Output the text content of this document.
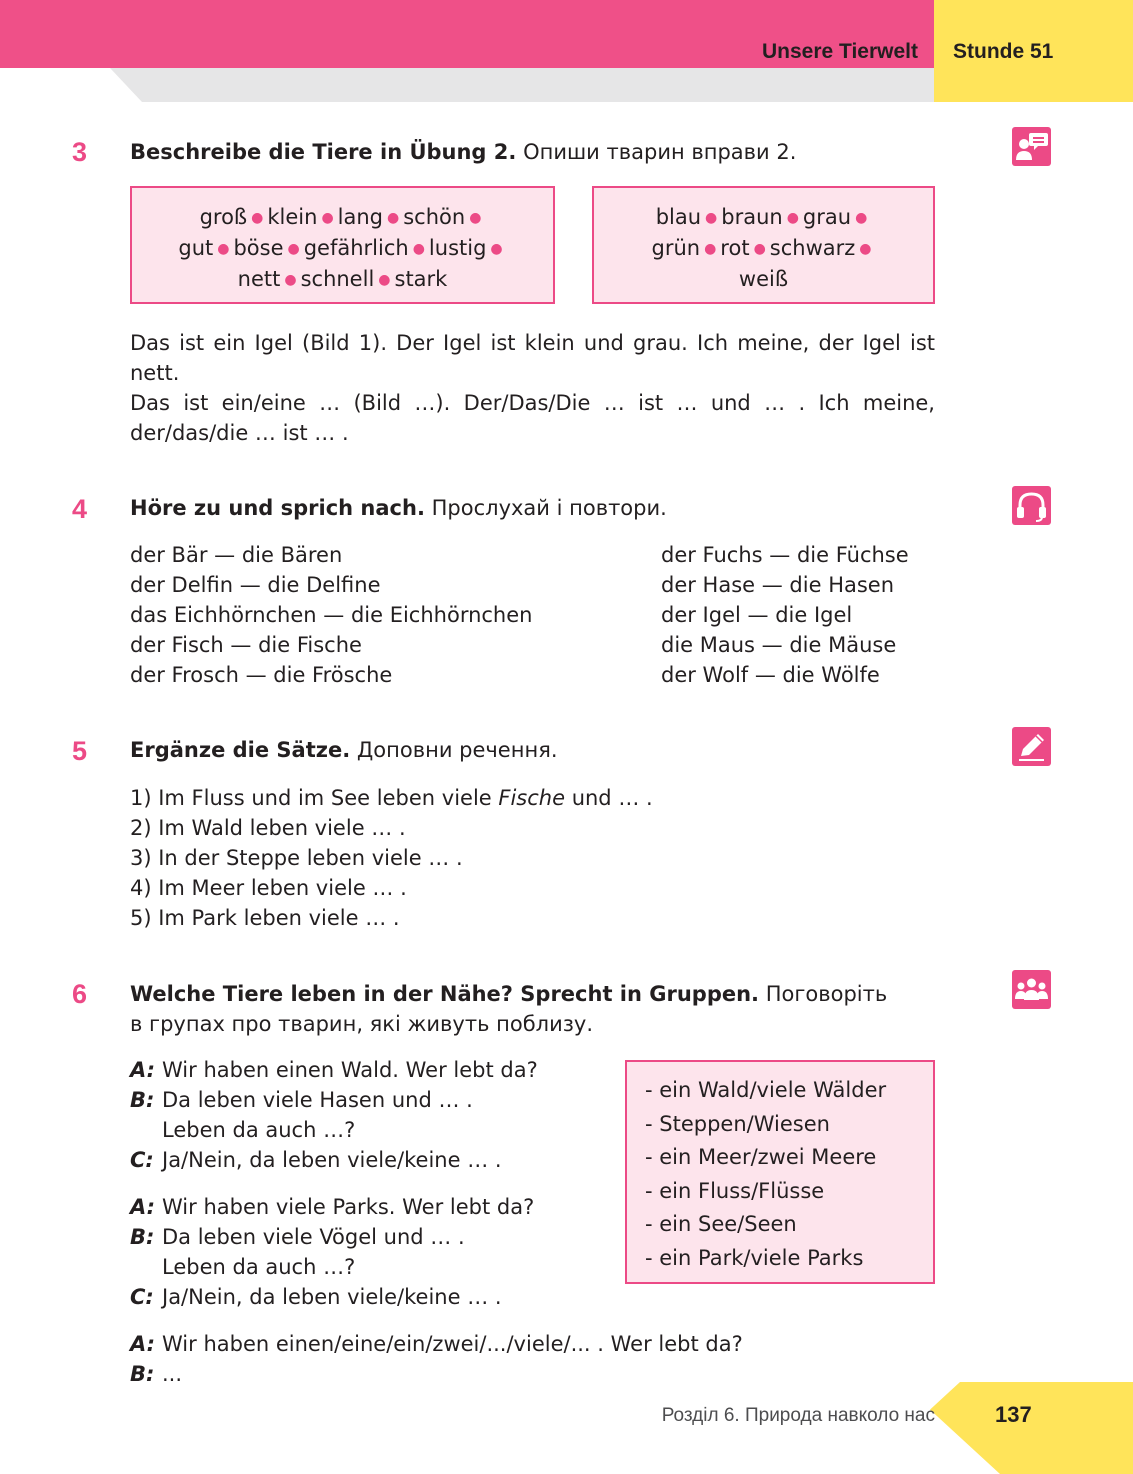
Unsere Tierwelt Stunde 51
3 Beschreibe die Tiere in Übung 2. Опиши тварин вправи 2.
groß ● klein ● lang ● schön ●
gut ● böse ● gefährlich ● lustig ●
nett ● schnell ● stark
blau ● braun ● grau ●
grün ● rot ● schwarz ●
weiß
Das ist ein Igel (Bild 1). Der Igel ist klein und grau. Ich meine, der Igel ist nett.
Das ist ein/eine … (Bild …). Der/Das/Die … ist … und … . Ich meine, der/das/die … ist … .
4 Höre zu und sprich nach. Прослухай і повтори.
der Bär — die Bären
der Delfin — die Delfine
das Eichhörnchen — die Eichhörnchen
der Fisch — die Fische
der Frosch — die Frösche
der Fuchs — die Füchse
der Hase — die Hasen
der Igel — die Igel
die Maus — die Mäuse
der Wolf — die Wölfe
5 Ergänze die Sätze. Доповни речення.
1) Im Fluss und im See leben viele Fische und … .
2) Im Wald leben viele … .
3) In der Steppe leben viele … .
4) Im Meer leben viele … .
5) Im Park leben viele … .
6 Welche Tiere leben in der Nähe? Sprecht in Gruppen. Поговоріть
в групах про тварин, які живуть поблизу.
A: Wir haben einen Wald. Wer lebt da?
B: Da leben viele Hasen und … .
Leben da auch …?
C: Ja/Nein, da leben viele/keine … .
A: Wir haben viele Parks. Wer lebt da?
B: Da leben viele Vögel und … .
Leben da auch …?
C: Ja/Nein, da leben viele/keine … .
- ein Wald/viele Wälder
- Steppen/Wiesen
- ein Meer/zwei Meere
- ein Fluss/Flüsse
- ein See/Seen
- ein Park/viele Parks
A: Wir haben einen/eine/ein/zwei/.../viele/... . Wer lebt da?
B: ...
Розділ 6. Природа навколо нас	137
